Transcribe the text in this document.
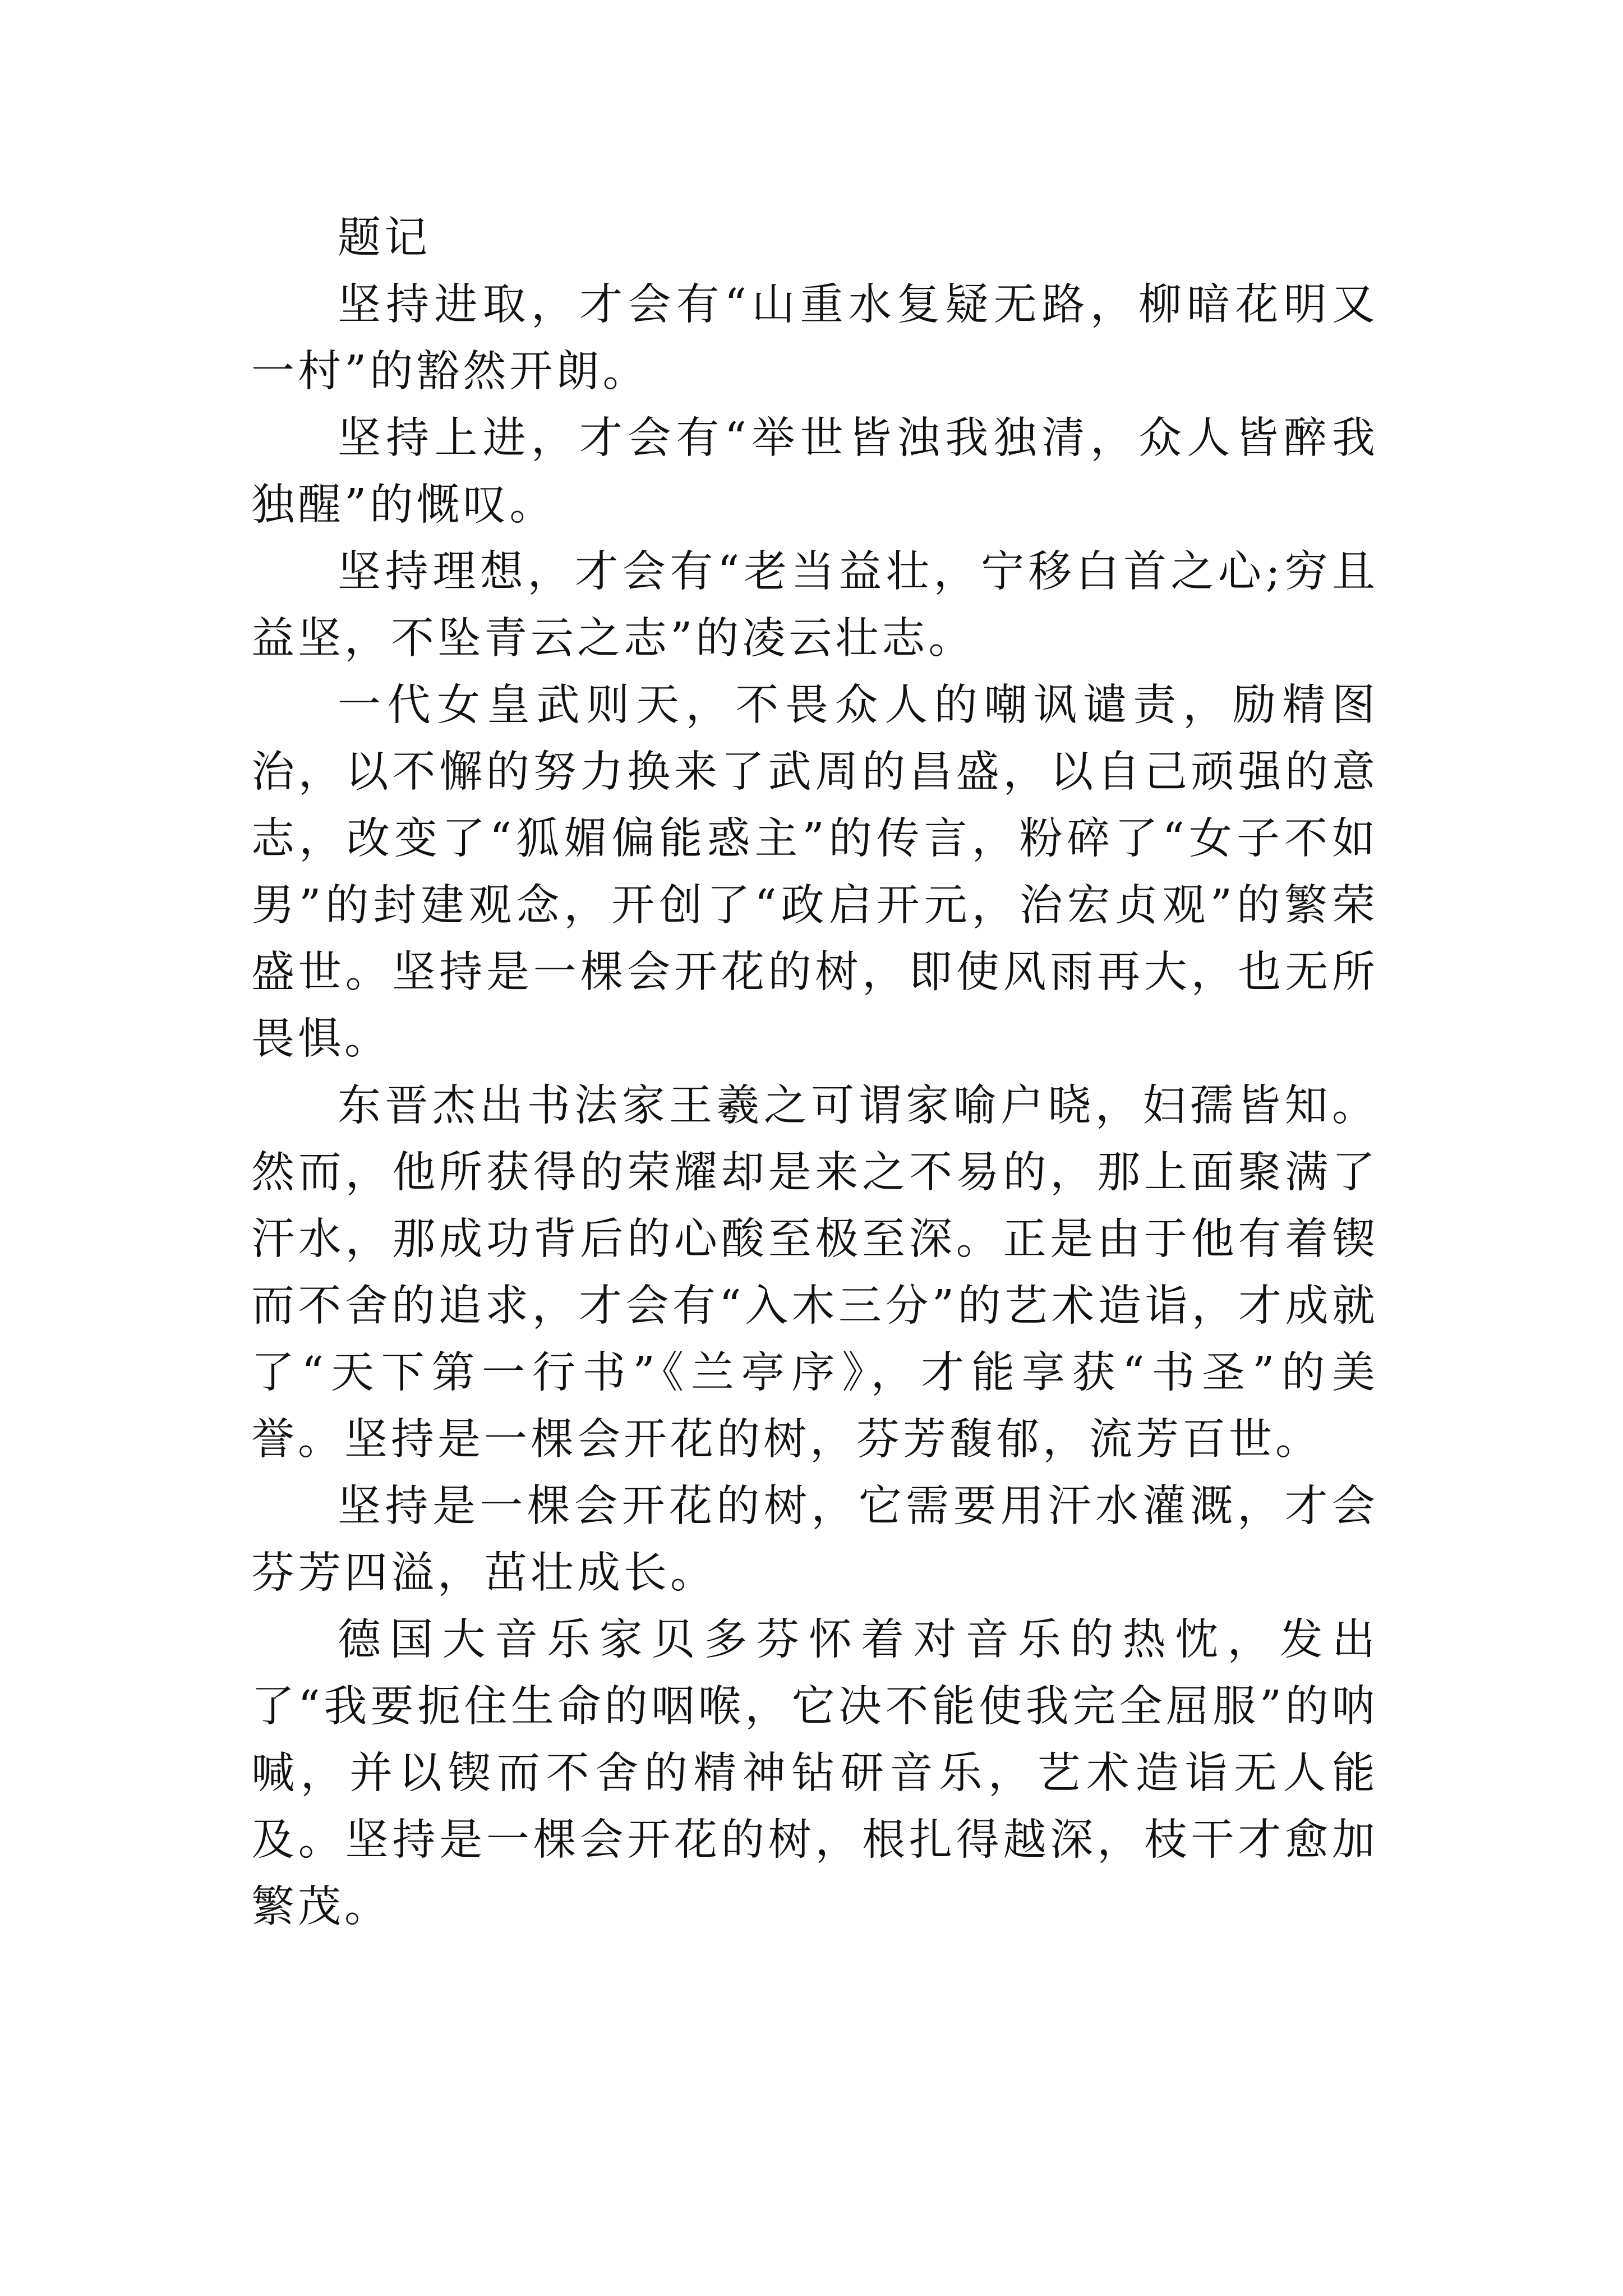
题记

坚持进取，才会有“山重水复疑无路，柳暗花明又一村”的豁然开朗。

坚持上进，才会有“举世皆浊我独清，众人皆醉我独醒”的慨叹。

坚持理想，才会有“老当益壮，宁移白首之心;穷且益坚，不坠青云之志”的凌云壮志。

一代女皇武则天，不畏众人的嘲讽谴责，励精图治，以不懈的努力换来了武周的昌盛，以自己顽强的意志，改变了“狐媚偏能惑主”的传言，粉碎了“女子不如男”的封建观念，开创了“政启开元，治宏贞观”的繁荣盛世。坚持是一棵会开花的树，即使风雨再大，也无所畏惧。

东晋杰出书法家王羲之可谓家喻户晓，妇孺皆知。然而，他所获得的荣耀却是来之不易的，那上面聚满了汗水，那成功背后的心酸至极至深。正是由于他有着锲而不舍的追求，才会有“入木三分”的艺术造诣，才成就了“天下第一行书”《兰亭序》，才能享获“书圣”的美誉。坚持是一棵会开花的树，芬芳馥郁，流芳百世。

坚持是一棵会开花的树，它需要用汗水灌溉，才会芬芳四溢，茁壮成长。

德国大音乐家贝多芬怀着对音乐的热忱，发出了“我要扼住生命的咽喉，它决不能使我完全屈服”的呐喊，并以锲而不舍的精神钻研音乐，艺术造诣无人能及。坚持是一棵会开花的树，根扎得越深，枝干才愈加繁茂。
